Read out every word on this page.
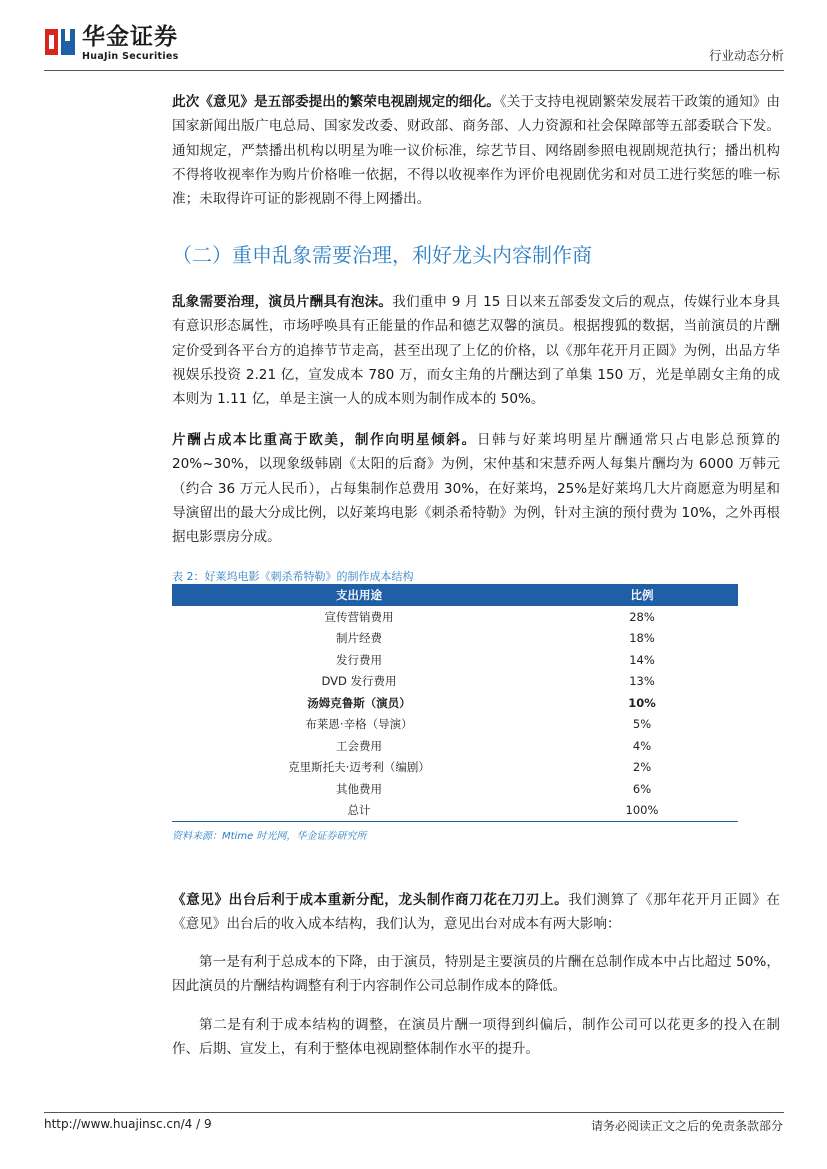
华金证券
HuaJin Securities	行业动态分析

此次《意见》是五部委提出的繁荣电视剧规定的细化。《关于支持电视剧繁荣发展若干政策的通知》由国家新闻出版广电总局、国家发改委、财政部、商务部、人力资源和社会保障部等五部委联合下发。通知规定，严禁播出机构以明星为唯一议价标准，综艺节目、网络剧参照电视剧规范执行；播出机构不得将收视率作为购片价格唯一依据，不得以收视率作为评价电视剧优劣和对员工进行奖惩的唯一标准；未取得许可证的影视剧不得上网播出。

（二）重申乱象需要治理，利好龙头内容制作商

乱象需要治理，演员片酬具有泡沫。我们重申 9 月 15 日以来五部委发文后的观点，传媒行业本身具有意识形态属性，市场呼唤具有正能量的作品和德艺双馨的演员。根据搜狐的数据，当前演员的片酬定价受到各平台方的追捧节节走高，甚至出现了上亿的价格，以《那年花开月正圆》为例，出品方华视娱乐投资 2.21 亿，宣发成本 780 万，而女主角的片酬达到了单集 150 万，光是单剧女主角的成本则为 1.11 亿，单是主演一人的成本则为制作成本的 50%。

片酬占成本比重高于欧美，制作向明星倾斜。日韩与好莱坞明星片酬通常只占电影总预算的 20%~30%，以现象级韩剧《太阳的后裔》为例，宋仲基和宋慧乔两人每集片酬均为 6000 万韩元（约合 36 万元人民币），占每集制作总费用 30%，在好莱坞，25%是好莱坞几大片商愿意为明星和导演留出的最大分成比例，以好莱坞电影《刺杀希特勒》为例，针对主演的预付费为 10%，之外再根据电影票房分成。

表 2：好莱坞电影《刺杀希特勒》的制作成本结构
支出用途	比例
宣传营销费用	28%
制片经费	18%
发行费用	14%
DVD 发行费用	13%
汤姆克鲁斯（演员）	10%
布莱恩·辛格（导演）	5%
工会费用	4%
克里斯托夫·迈考利（编剧）	2%
其他费用	6%
总计	100%
资料来源：Mtime 时光网，华金证券研究所

《意见》出台后利于成本重新分配，龙头制作商刀花在刀刃上。我们测算了《那年花开月正圆》在《意见》出台后的收入成本结构，我们认为，意见出台对成本有两大影响：

第一是有利于总成本的下降，由于演员，特别是主要演员的片酬在总制作成本中占比超过 50%，因此演员的片酬结构调整有利于内容制作公司总制作成本的降低。

第二是有利于成本结构的调整，在演员片酬一项得到纠偏后，制作公司可以花更多的投入在制作、后期、宣发上，有利于整体电视剧整体制作水平的提升。

http://www.huajinsc.cn/4 / 9	请务必阅读正文之后的免责条款部分
